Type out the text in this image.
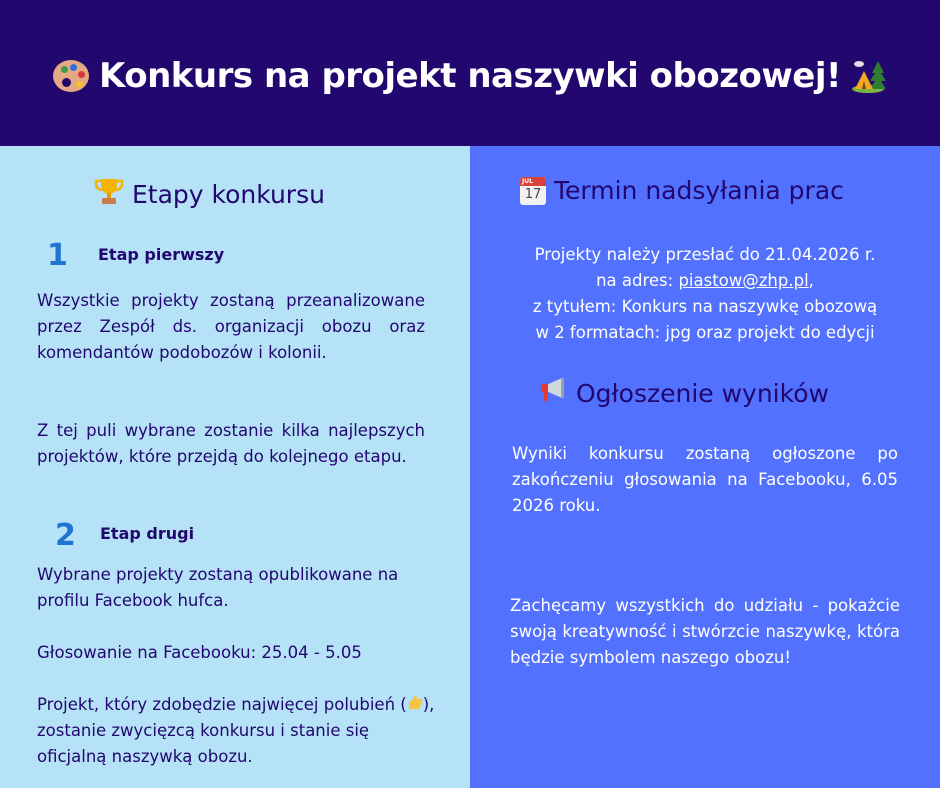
Konkurs na projekt naszywki obozowej!
Etapy konkursu
1 Etap pierwszy
Wszystkie projekty zostaną przeanalizowane przez Zespół ds. organizacji obozu oraz komendantów podobozów i kolonii.
Z tej puli wybrane zostanie kilka najlepszych projektów, które przejdą do kolejnego etapu.
2 Etap drugi
Wybrane projekty zostaną opublikowane na profilu Facebook hufca.
Głosowanie na Facebooku: 25.04 - 5.05
Projekt, który zdobędzie najwięcej polubień ( ), zostanie zwycięzcą konkursu i stanie się oficjalną naszywką obozu.
JUL
17 Termin nadsyłania prac
Projekty należy przesłać do 21.04.2026 r.
na adres: piastow@zhp.pl,
z tytułem: Konkurs na naszywkę obozową
w 2 formatach: jpg oraz projekt do edycji
Ogłoszenie wyników
Wyniki konkursu zostaną ogłoszone po zakończeniu głosowania na Facebooku, 6.05 2026 roku.
Zachęcamy wszystkich do udziału - pokażcie swoją kreatywność i stwórzcie naszywkę, która będzie symbolem naszego obozu!
